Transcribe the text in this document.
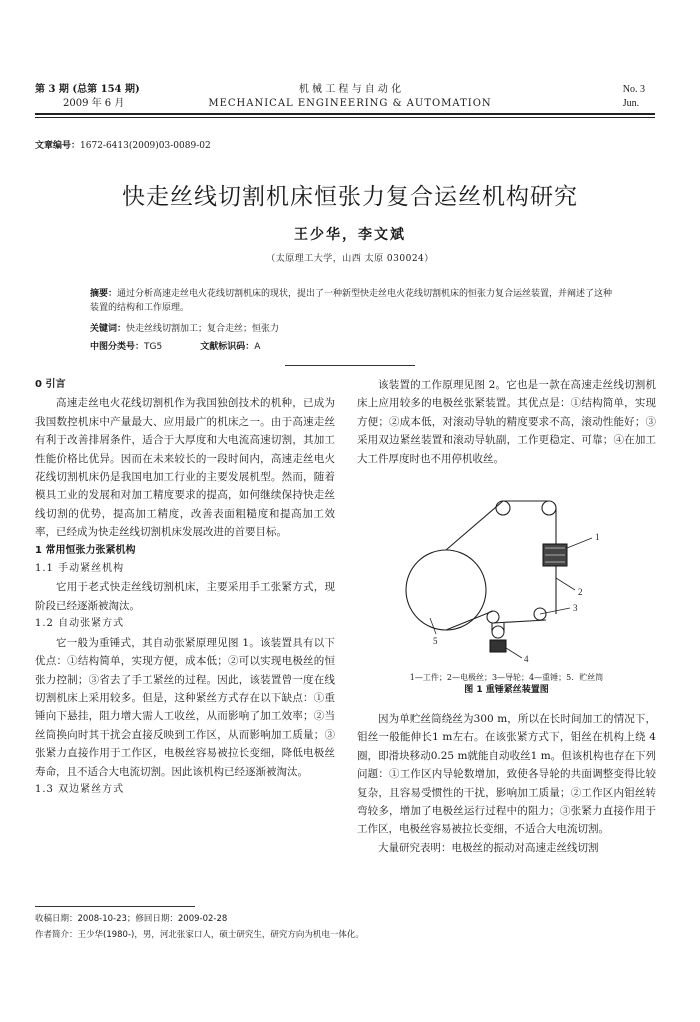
第 3 期 (总第 154 期)
2009 年 6 月
机 械 工 程 与 自 动 化
MECHANICAL ENGINEERING & AUTOMATION
No. 3
Jun.
文章编号：1672-6413(2009)03-0089-02
快走丝线切割机床恒张力复合运丝机构研究
王少华，李文斌
（太原理工大学，山西 太原 030024）
摘要：通过分析高速走丝电火花线切割机床的现状，提出了一种新型快走丝电火花线切割机床的恒张力复合运丝装置，并阐述了这种装置的结构和工作原理。
关键词：快走丝线切割加工；复合走丝；恒张力
中图分类号：TG5	文献标识码：A

0 引言

高速走丝电火花线切割机作为我国独创技术的机种，已成为我国数控机床中产量最大、应用最广的机床之一。由于高速走丝有利于改善排屑条件，适合于大厚度和大电流高速切割，其加工性能价格比优异。因而在未来较长的一段时间内，高速走丝电火花线切割机床仍是我国电加工行业的主要发展机型。然而，随着模具工业的发展和对加工精度要求的提高，如何继续保持快走丝线切割的优势，提高加工精度，改善表面粗糙度和提高加工效率，已经成为快走丝线切割机床发展改进的首要目标。

1 常用恒张力张紧机构

1.1 手动紧丝机构

它用于老式快走丝线切割机床，主要采用手工张紧方式，现阶段已经逐渐被淘汰。

1.2 自动张紧方式

它一般为重锤式，其自动张紧原理见图 1。该装置具有以下优点：①结构简单，实现方便，成本低；②可以实现电极丝的恒张力控制；③省去了手工紧丝的过程。因此，该装置曾一度在线切割机床上采用较多。但是，这种紧丝方式存在以下缺点：①重锤向下悬挂，阻力增大需人工收丝，从而影响了加工效率；②当丝筒换向时其干扰会直接反映到工作区，从而影响加工质量；③张紧力直接作用于工作区，电极丝容易被拉长变细，降低电极丝寿命，且不适合大电流切割。因此该机构已经逐渐被淘汰。

1.3 双边紧丝方式

该装置的工作原理见图 2。它也是一款在高速走丝线切割机床上应用较多的电极丝张紧装置。其优点是：①结构简单，实现方便；②成本低，对滚动导轨的精度要求不高，滚动性能好；③采用双边紧丝装置和滚动导轨副，工作更稳定、可靠；④在加工大工件厚度时也不用停机收丝。

1
2
3
4
5
1—工件；2—电极丝；3—导轮；4—重锤；5．贮丝筒
图 1 重锤紧丝装置图

因为单贮丝筒绕丝为300 m，所以在长时间加工的情况下，钼丝一般能伸长1 m左右。在该张紧方式下，钼丝在机构上绕 4 圈，即滑块移动0.25 m就能自动收丝1 m。但该机构也存在下列问题：①工作区内导轮数增加，致使各导轮的共面调整变得比较复杂，且容易受惯性的干扰，影响加工质量；②工作区内钼丝转弯较多，增加了电极丝运行过程中的阻力；③张紧力直接作用于工作区，电极丝容易被拉长变细，不适合大电流切割。

大量研究表明：电极丝的振动对高速走丝线切割

收稿日期：2008-10-23；修回日期：2009-02-28
作者简介：王少华(1980-)，男，河北张家口人，硕士研究生，研究方向为机电一体化。
